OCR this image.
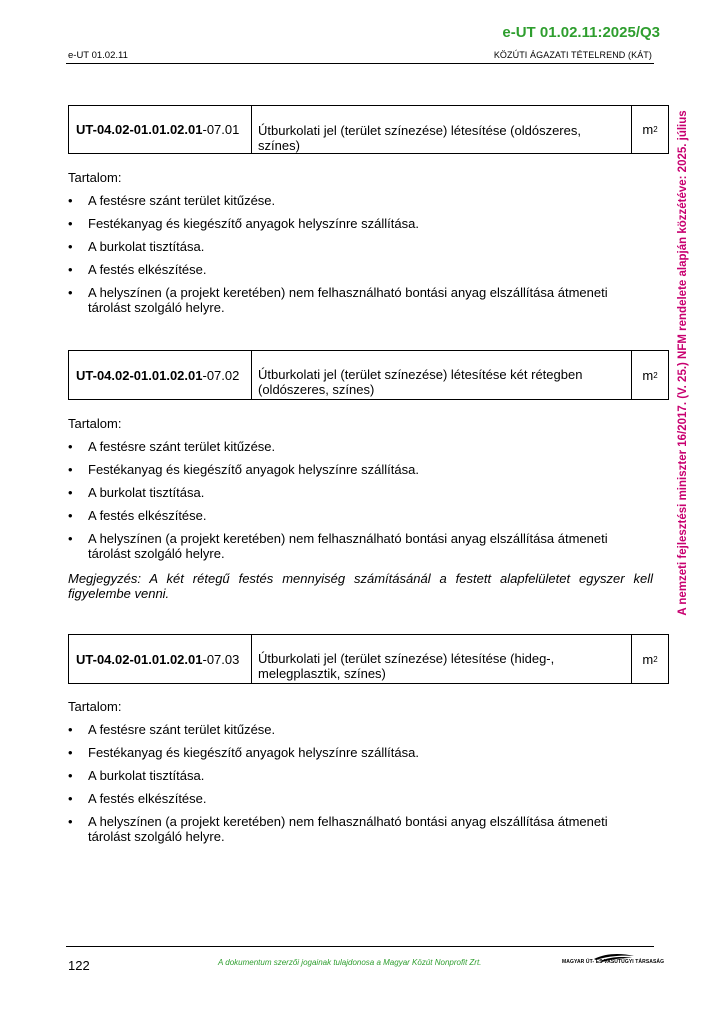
e-UT 01.02.11:2025/Q3
e-UT 01.02.11	KÖZÚTI ÁGAZATI TÉTELREND (KÁT)
A nemzeti fejlesztési miniszter 16/2017. (V. 25.) NFM rendelete alapján közzétéve: 2025. július
UT-04.02-01.01.02.01 -07.01	Útburkolati jel (terület színezése) létesítése (oldószeres, színes)
m 2
Tartalom:
• A festésre szánt terület kitűzése.
• Festékanyag és kiegészítő anyagok helyszínre szállítása.
• A burkolat tisztítása.
• A festés elkészítése.
• A helyszínen (a projekt keretében) nem felhasználható bontási anyag elszállítása átmeneti tárolást szolgáló helyre.
UT-04.02-01.01.02.01 -07.02	Útburkolati jel (terület színezése) létesítése két rétegben (oldószeres, színes)
m 2
Tartalom:
• A festésre szánt terület kitűzése.
• Festékanyag és kiegészítő anyagok helyszínre szállítása.
• A burkolat tisztítása.
• A festés elkészítése.
• A helyszínen (a projekt keretében) nem felhasználható bontási anyag elszállítása átmeneti tárolást szolgáló helyre.
Megjegyzés: A két rétegű festés mennyiség számításánál a festett alapfelületet egyszer kell figyelembe venni.
UT-04.02-01.01.02.01 -07.03	Útburkolati jel (terület színezése) létesítése (hideg-, melegplasztik, színes)
m 2
Tartalom:
• A festésre szánt terület kitűzése.
• Festékanyag és kiegészítő anyagok helyszínre szállítása.
• A burkolat tisztítása.
• A festés elkészítése.
• A helyszínen (a projekt keretében) nem felhasználható bontási anyag elszállítása átmeneti tárolást szolgáló helyre.
122	A dokumentum szerzői jogainak tulajdonosa a Magyar Közút Nonprofit Zrt.	MAGYAR ÚT- ÉS VASÚTÜGYI TÁRSASÁG
